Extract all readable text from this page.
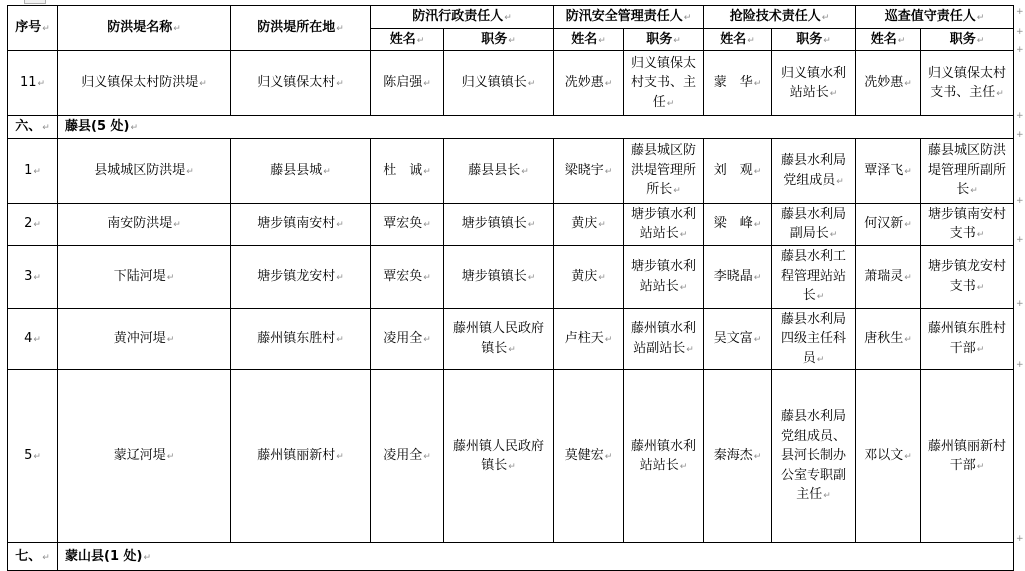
序号↵	防洪堤名称↵	防洪堤所在地↵	防汛行政责任人↵		防汛安全管理责任人↵		抢险技术责任人↵		巡查值守责任人↵	
			姓名↵	职务↵	姓名↵	职务↵	姓名↵	职务↵	姓名↵	职务↵
11↵	归义镇保太村防洪堤↵	归义镇保太村↵	陈启强↵	归义镇镇长↵	冼妙惠↵	归义镇保太村支书、主任↵	蒙　华↵	归义镇水利站站长↵	冼妙惠↵	归义镇保太村支书、主任↵
六、↵	藤县(5 处)↵									
1↵	县城城区防洪堤↵	藤县县城↵	杜　诚↵	藤县县长↵	梁晓宇↵	藤县城区防洪堤管理所所长↵	刘　观↵	藤县水利局党组成员↵	覃泽飞↵	藤县城区防洪堤管理所副所长↵
2↵	南安防洪堤↵	塘步镇南安村↵	覃宏奂↵	塘步镇镇长↵	黄庆↵	塘步镇水利站站长↵	梁　峰↵	藤县水利局副局长↵	何汉新↵	塘步镇南安村支书↵
3↵	下陆河堤↵	塘步镇龙安村↵	覃宏奂↵	塘步镇镇长↵	黄庆↵	塘步镇水利站站长↵	李晓晶↵	藤县水利工程管理站站长↵	萧瑞灵↵	塘步镇龙安村支书↵
4↵	黄冲河堤↵	藤州镇东胜村↵	凌用全↵	藤州镇人民政府镇长↵	卢柱天↵	藤州镇水利站副站长↵	吴文富↵	藤县水利局四级主任科员↵	唐秋生↵	藤州镇东胜村干部↵
5↵	蒙辽河堤↵	藤州镇丽新村↵	凌用全↵	藤州镇人民政府镇长↵	莫健宏↵	藤州镇水利站站长↵	秦海杰↵	藤县水利局党组成员、县河长制办公室专职副主任↵	邓以文↵	藤州镇丽新村干部↵
七、↵	蒙山县(1 处)↵									
+
+
+
+
+
+
+
+
+
+
